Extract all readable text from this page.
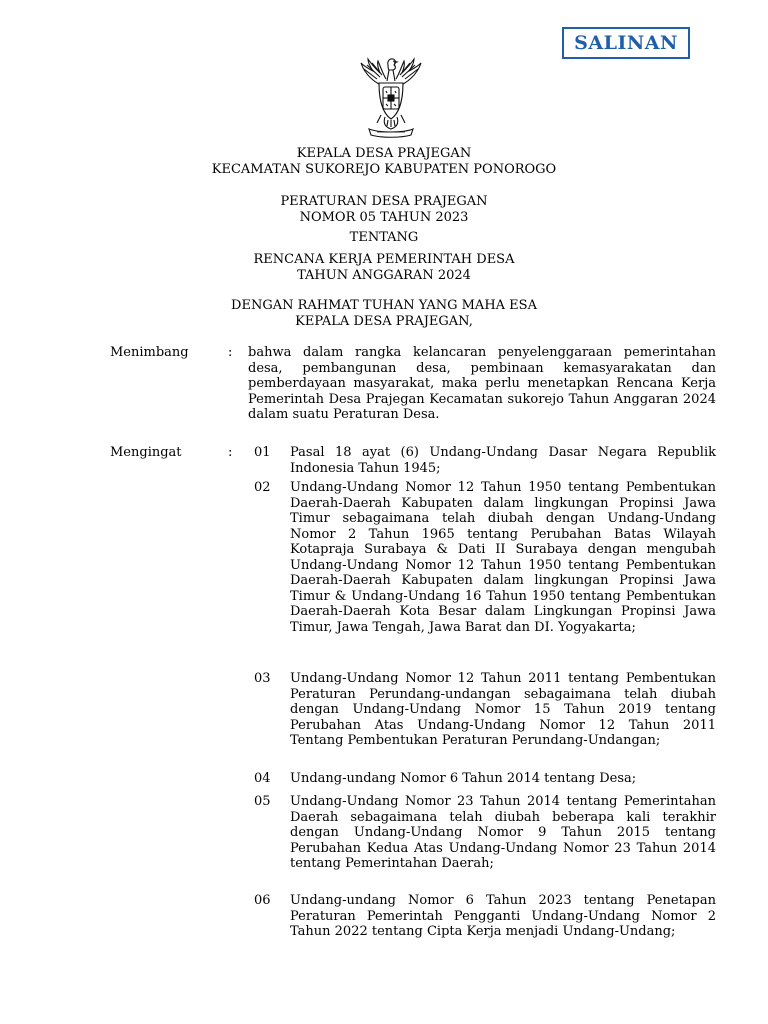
SALINAN
KEPALA DESA PRAJEGAN
KECAMATAN SUKOREJO KABUPATEN PONOROGO
PERATURAN DESA PRAJEGAN
NOMOR 05 TAHUN 2023
TENTANG
RENCANA KERJA PEMERINTAH DESA
TAHUN ANGGARAN 2024
DENGAN RAHMAT TUHAN YANG MAHA ESA
KEPALA DESA PRAJEGAN,
Menimbang	: bahwa dalam rangka kelancaran penyelenggaraan pemerintahan desa, pembangunan desa, pembinaan kemasyarakatan dan pemberdayaan masyarakat, maka perlu menetapkan Rencana Kerja Pemerintah Desa Prajegan Kecamatan sukorejo Tahun Anggaran 2024 dalam suatu Peraturan Desa.

Mengingat	: 01 Pasal 18 ayat (6) Undang-Undang Dasar Negara Republik Indonesia Tahun 1945;

02 Undang-Undang Nomor 12 Tahun 1950 tentang Pembentukan Daerah-Daerah Kabupaten dalam lingkungan Propinsi Jawa Timur sebagaimana telah diubah dengan Undang-Undang Nomor 2 Tahun 1965 tentang Perubahan Batas Wilayah Kotapraja Surabaya & Dati II Surabaya dengan mengubah Undang-Undang Nomor 12 Tahun 1950 tentang Pembentukan Daerah-Daerah Kabupaten dalam lingkungan Propinsi Jawa Timur & Undang-Undang 16 Tahun 1950 tentang Pembentukan Daerah-Daerah Kota Besar dalam Lingkungan Propinsi Jawa Timur, Jawa Tengah, Jawa Barat dan DI. Yogyakarta;

03 Undang-Undang Nomor 12 Tahun 2011 tentang Pembentukan Peraturan Perundang-undangan sebagaimana telah diubah dengan Undang-Undang Nomor 15 Tahun 2019 tentang Perubahan Atas Undang-Undang Nomor 12 Tahun 2011 Tentang Pembentukan Peraturan Perundang-Undangan;

04 Undang-undang Nomor 6 Tahun 2014 tentang Desa;

05 Undang-Undang Nomor 23 Tahun 2014 tentang Pemerintahan Daerah sebagaimana telah diubah beberapa kali terakhir dengan Undang-Undang Nomor 9 Tahun 2015 tentang Perubahan Kedua Atas Undang-Undang Nomor 23 Tahun 2014 tentang Pemerintahan Daerah;

06 Undang-undang Nomor 6 Tahun 2023 tentang Penetapan Peraturan Pemerintah Pengganti Undang-Undang Nomor 2 Tahun 2022 tentang Cipta Kerja menjadi Undang-Undang;
